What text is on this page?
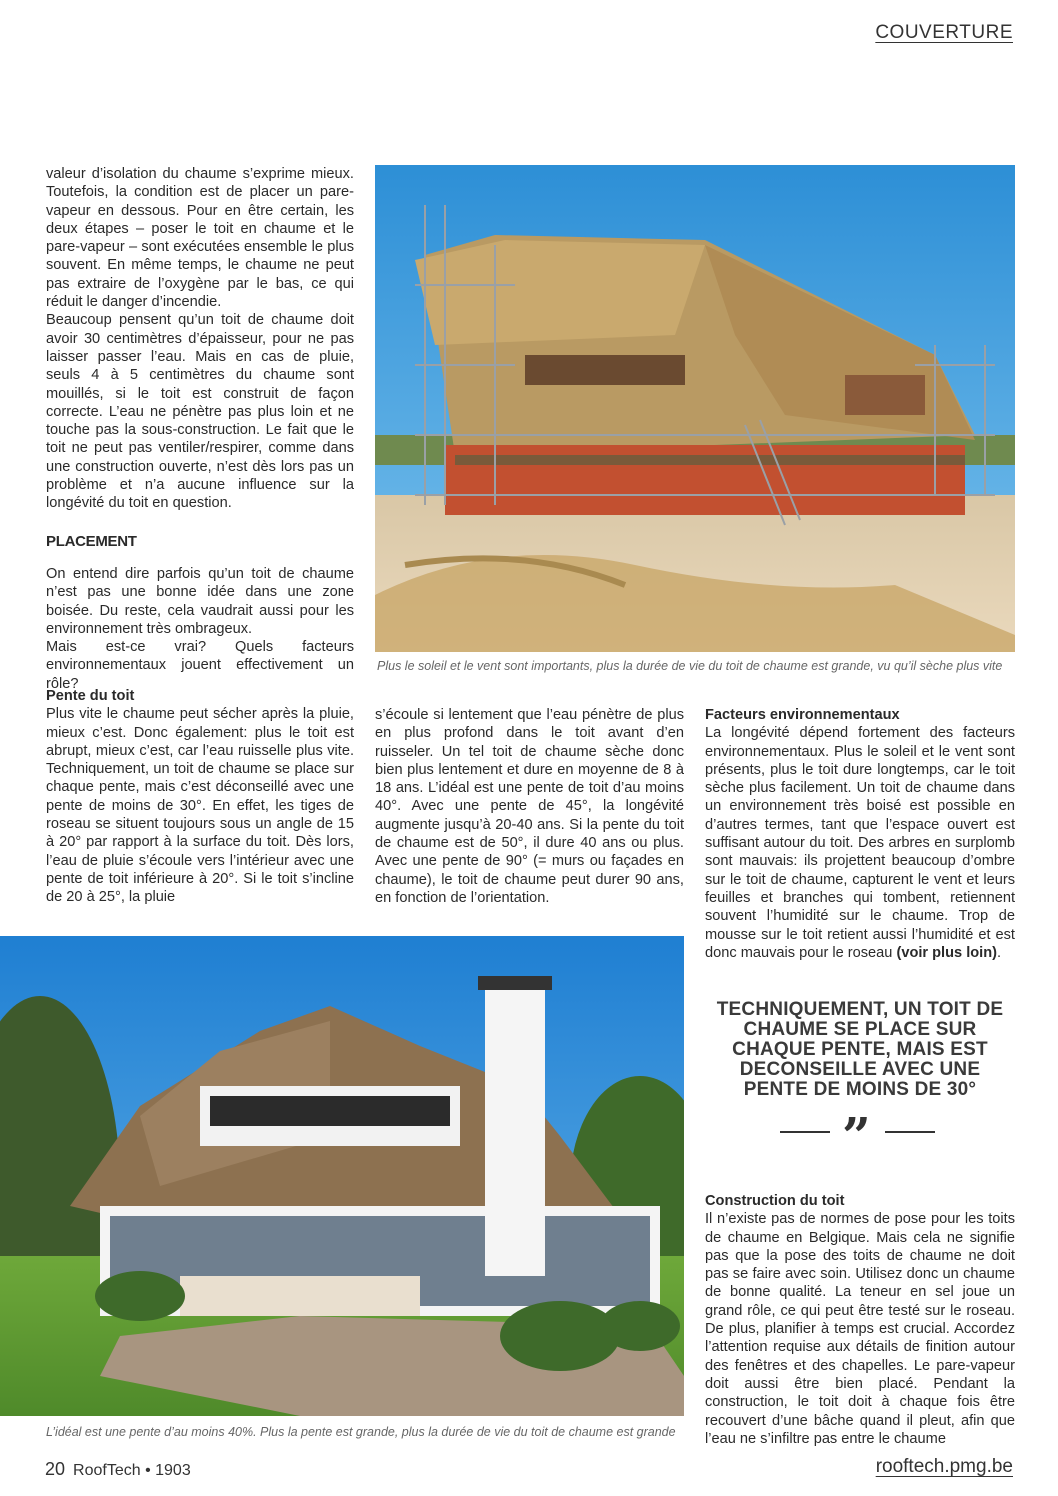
COUVERTURE

valeur d’isolation du chaume s’exprime mieux. Toutefois, la condition est de placer un pare-vapeur en dessous. Pour en être certain, les deux étapes – poser le toit en chaume et le pare-vapeur – sont exécutées ensemble le plus souvent. En même temps, le chaume ne peut pas extraire de l’oxygène par le bas, ce qui réduit le danger d’incendie.

Beaucoup pensent qu’un toit de chaume doit avoir 30 centimètres d’épaisseur, pour ne pas laisser passer l’eau. Mais en cas de pluie, seuls 4 à 5 centimètres du chaume sont mouillés, si le toit est construit de façon correcte. L’eau ne pénètre pas plus loin et ne touche pas la sous-construction. Le fait que le toit ne peut pas ventiler/respirer, comme dans une construction ouverte, n’est dès lors pas un problème et n’a aucune influence sur la longévité du toit en question.

PLACEMENT

On entend dire parfois qu’un toit de chaume n’est pas une bonne idée dans une zone boisée. Du reste, cela vaudrait aussi pour les environnement très ombrageux.

Mais est-ce vrai? Quels facteurs environnementaux jouent effectivement un rôle?

Plus le soleil et le vent sont importants, plus la durée de vie du toit de chaume est grande, vu qu’il sèche plus vite
Pente du toit

Plus vite le chaume peut sécher après la pluie, mieux c’est. Donc également: plus le toit est abrupt, mieux c’est, car l’eau ruisselle plus vite. Techniquement, un toit de chaume se place sur chaque pente, mais c’est déconseillé avec une pente de moins de 30°. En effet, les tiges de roseau se situent toujours sous un angle de 15 à 20° par rapport à la surface du toit. Dès lors, l’eau de pluie s’écoule vers l’intérieur avec une pente de toit inférieure à 20°. Si le toit s’incline de 20 à 25°, la pluie

s’écoule si lentement que l’eau pénètre de plus en plus profond dans le toit avant d’en ruisseler. Un tel toit de chaume sèche donc bien plus lentement et dure en moyenne de 8 à 18 ans. L’idéal est une pente de toit d’au moins 40°. Avec une pente de 45°, la longévité augmente jusqu’à 20-40 ans. Si la pente du toit de chaume est de 50°, il dure 40 ans ou plus. Avec une pente de 90° (= murs ou façades en chaume), le toit de chaume peut durer 90 ans, en fonction de l’orientation.

Facteurs environnementaux

La longévité dépend fortement des facteurs environnementaux. Plus le soleil et le vent sont présents, plus le toit dure longtemps, car le toit sèche plus facilement. Un toit de chaume dans un environnement très boisé est possible en d’autres termes, tant que l’espace ouvert est suffisant autour du toit. Des arbres en surplomb sont mauvais: ils projettent beaucoup d’ombre sur le toit de chaume, capturent le vent et leurs feuilles et branches qui tombent, retiennent souvent l’humidité sur le chaume. Trop de mousse sur le toit retient aussi l’humidité et est donc mauvais pour le roseau (voir plus loin).

L’idéal est une pente d’au moins 40%. Plus la pente est grande, plus la durée de vie du toit de chaume est grande
TECHNIQUEMENT, UN TOIT DE CHAUME SE PLACE SUR CHAQUE PENTE, MAIS EST DECONSEILLE AVEC UNE PENTE DE MOINS DE 30°
”
Construction du toit

Il n’existe pas de normes de pose pour les toits de chaume en Belgique. Mais cela ne signifie pas que la pose des toits de chaume ne doit pas se faire avec soin. Utilisez donc un chaume de bonne qualité. La teneur en sel joue un grand rôle, ce qui peut être testé sur le roseau. De plus, planifier à temps est crucial. Accordez l’attention requise aux détails de finition autour des fenêtres et des chapelles. Le pare-vapeur doit aussi être bien placé. Pendant la construction, le toit doit à chaque fois être recouvert d’une bâche quand il pleut, afin que l’eau ne s’infiltre pas entre le chaume

20 RoofTech • 1903	rooftech.pmg.be
